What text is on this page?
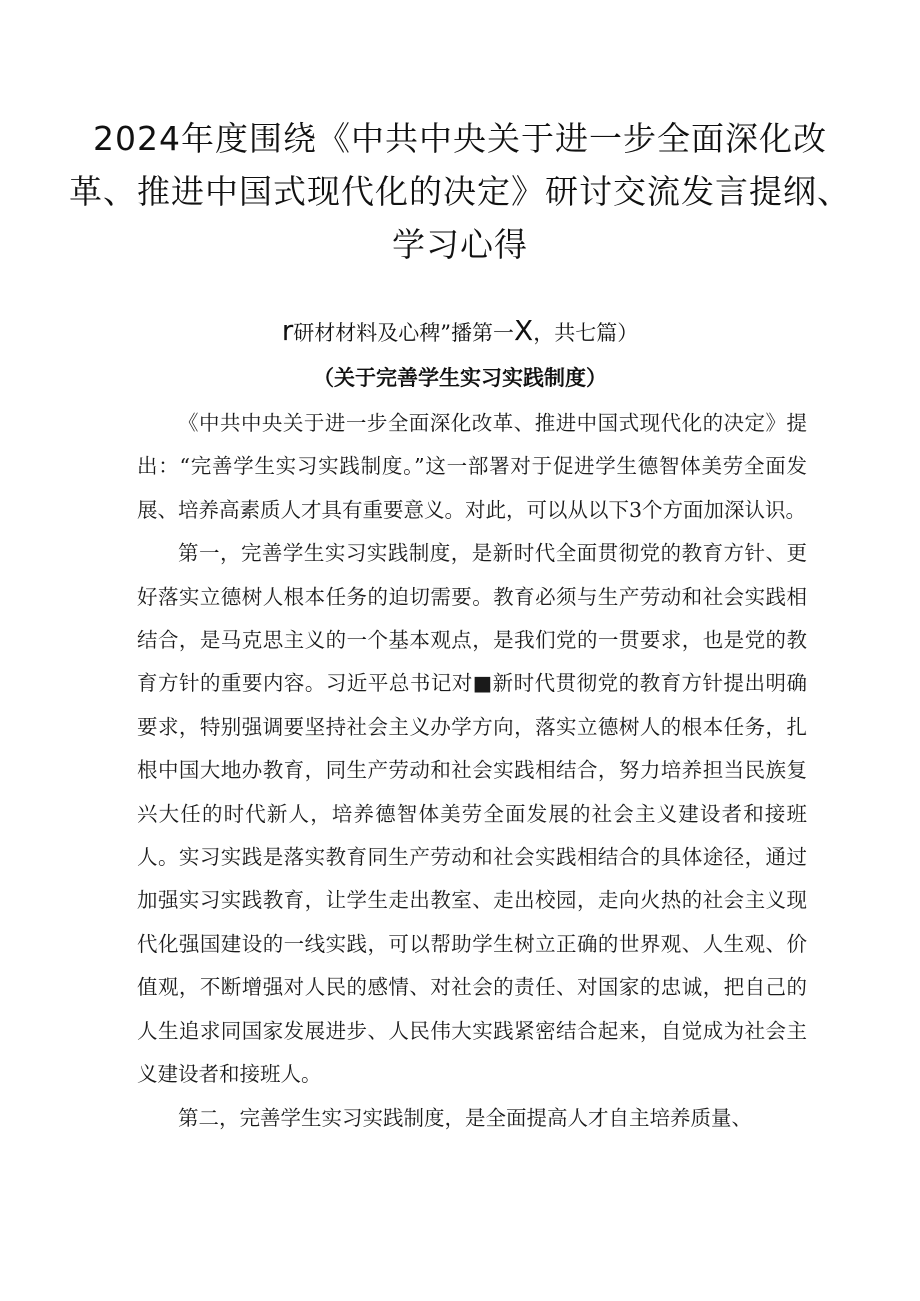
2024年度围绕《中共中央关于进一步全面深化改革、推进中国式现代化的决定》研讨交流发言提纲、学习心得

r研材材料及心稗”播第一X，共七篇）

（关于完善学生实习实践制度）

《中共中央关于进一步全面深化改革、推进中国式现代化的决定》提出：“完善学生实习实践制度。”这一部署对于促进学生德智体美劳全面发展、培养高素质人才具有重要意义。对此，可以从以下3个方面加深认识。

第一，完善学生实习实践制度，是新时代全面贯彻党的教育方针、更好落实立德树人根本任务的迫切需要。教育必须与生产劳动和社会实践相结合，是马克思主义的一个基本观点，是我们党的一贯要求，也是党的教育方针的重要内容。习近平总书记对■新时代贯彻党的教育方针提出明确要求，特别强调要坚持社会主义办学方向，落实立德树人的根本任务，扎根中国大地办教育，同生产劳动和社会实践相结合，努力培养担当民族复兴大任的时代新人，培养德智体美劳全面发展的社会主义建设者和接班人。实习实践是落实教育同生产劳动和社会实践相结合的具体途径，通过加强实习实践教育，让学生走出教室、走出校园，走向火热的社会主义现代化强国建设的一线实践，可以帮助学生树立正确的世界观、人生观、价值观，不断增强对人民的感情、对社会的责任、对国家的忠诚，把自己的人生追求同国家发展进步、人民伟大实践紧密结合起来，自觉成为社会主义建设者和接班人。

第二，完善学生实习实践制度，是全面提高人才自主培养质量、
